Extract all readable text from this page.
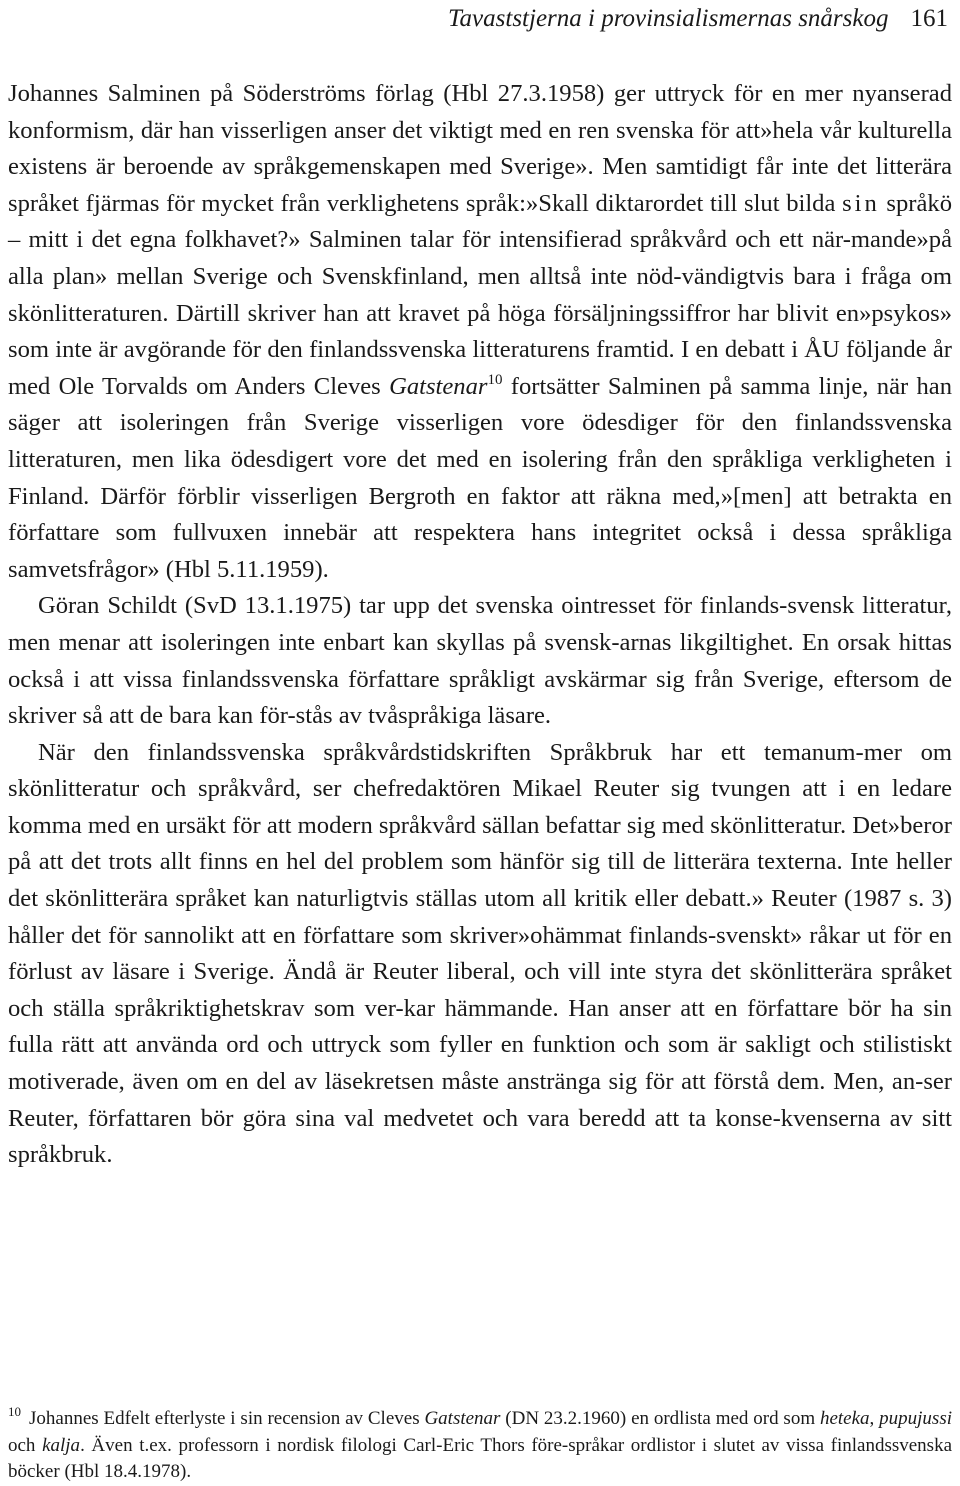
Tavaststjerna i provinsialismernas snårskog 161

Johannes Salminen på Söderströms förlag (Hbl 27.3.1958) ger uttryck för en mer nyanserad konformism, där han visserligen anser det viktigt med en ren svenska för att»hela vår kulturella existens är beroende av språkgemenskapen med Sverige». Men samtidigt får inte det litterära språket fjärmas för mycket från verklighetens språk:»Skall diktarordet till slut bilda sin språkö – mitt i det egna folkhavet?» Salminen talar för intensifierad språkvård och ett när-mande»på alla plan» mellan Sverige och Svenskfinland, men alltså inte nöd-vändigtvis bara i fråga om skönlitteraturen. Därtill skriver han att kravet på höga försäljningssiffror har blivit en»psykos» som inte är avgörande för den finlandssvenska litteraturens framtid. I en debatt i ÅU följande år med Ole Torvalds om Anders Cleves Gatstenar$^{10}$ fortsätter Salminen på samma linje, när han säger att isoleringen från Sverige visserligen vore ödesdiger för den finlandssvenska litteraturen, men lika ödesdigert vore det med en isolering från den språkliga verkligheten i Finland. Därför förblir visserligen Bergroth en faktor att räkna med,»[men] att betrakta en författare som fullvuxen innebär att respektera hans integritet också i dessa språkliga samvetsfrågor» (Hbl 5.11.1959).

Göran Schildt (SvD 13.1.1975) tar upp det svenska ointresset för finlands-svensk litteratur, men menar att isoleringen inte enbart kan skyllas på svensk-arnas likgiltighet. En orsak hittas också i att vissa finlandssvenska författare språkligt avskärmar sig från Sverige, eftersom de skriver så att de bara kan för-stås av tvåspråkiga läsare.

När den finlandssvenska språkvårdstidskriften Språkbruk har ett temanum-mer om skönlitteratur och språkvård, ser chefredaktören Mikael Reuter sig tvungen att i en ledare komma med en ursäkt för att modern språkvård sällan befattar sig med skönlitteratur. Det»beror på att det trots allt finns en hel del problem som hänför sig till de litterära texterna. Inte heller det skönlitterära språket kan naturligtvis ställas utom all kritik eller debatt.» Reuter (1987 s. 3) håller det för sannolikt att en författare som skriver»ohämmat finlands-svenskt» råkar ut för en förlust av läsare i Sverige. Ändå är Reuter liberal, och vill inte styra det skönlitterära språket och ställa språkriktighetskrav som ver-kar hämmande. Han anser att en författare bör ha sin fulla rätt att använda ord och uttryck som fyller en funktion och som är sakligt och stilistiskt motiverade, även om en del av läsekretsen måste anstränga sig för att förstå dem. Men, an-ser Reuter, författaren bör göra sina val medvetet och vara beredd att ta konse-kvenserna av sitt språkbruk.

$^{10}$ Johannes Edfelt efterlyste i sin recension av Cleves Gatstenar (DN 23.2.1960) en ordlista med ord som heteka, pupujussi och kalja. Även t.ex. professorn i nordisk filologi Carl-Eric Thors före-språkar ordlistor i slutet av vissa finlandssvenska böcker (Hbl 18.4.1978).
